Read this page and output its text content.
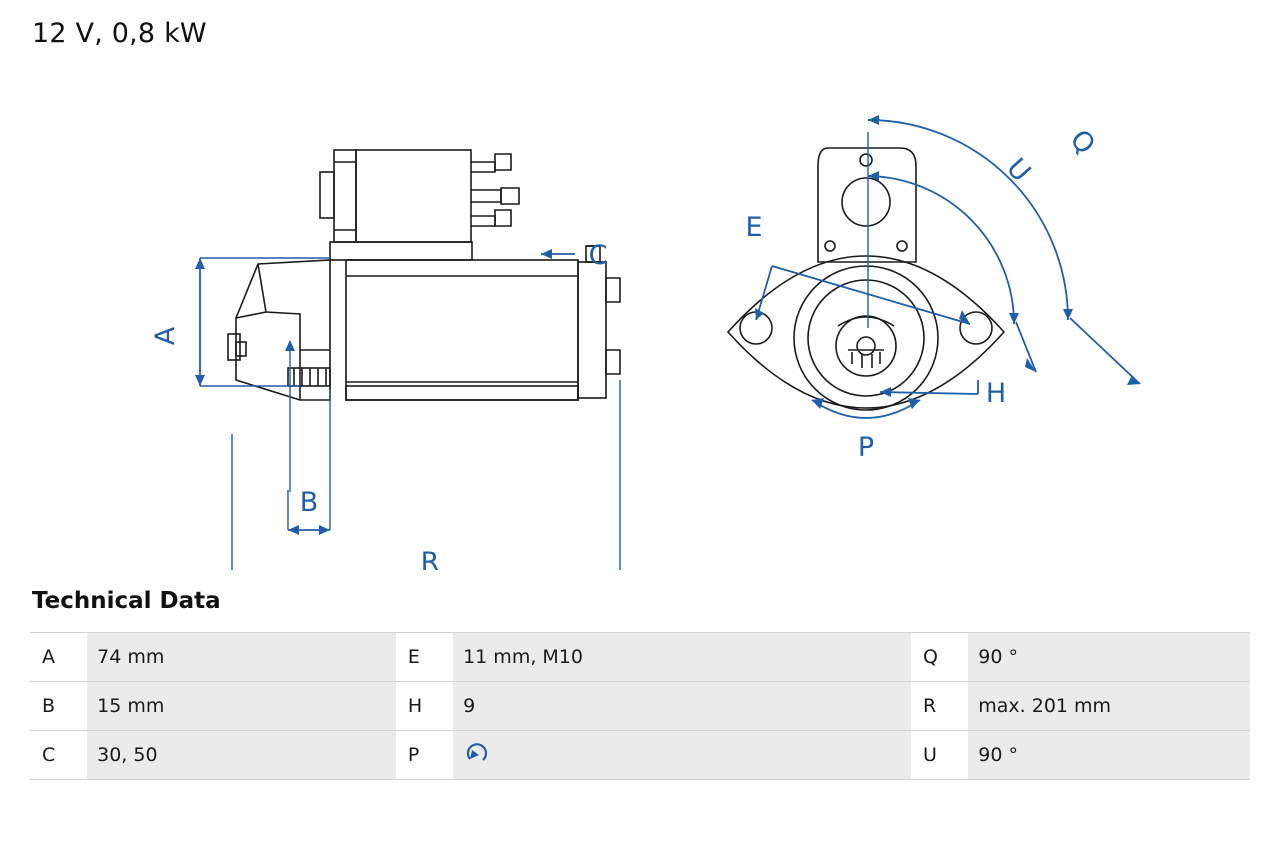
12 V, 0,8 kW
A
B
C
R
E
H
P
U
Q
Technical Data
A	74 mm	E	11 mm, M10	Q	90 °
B	15 mm	H	9	R	max. 201 mm
C	30, 50	P		U	90 °
